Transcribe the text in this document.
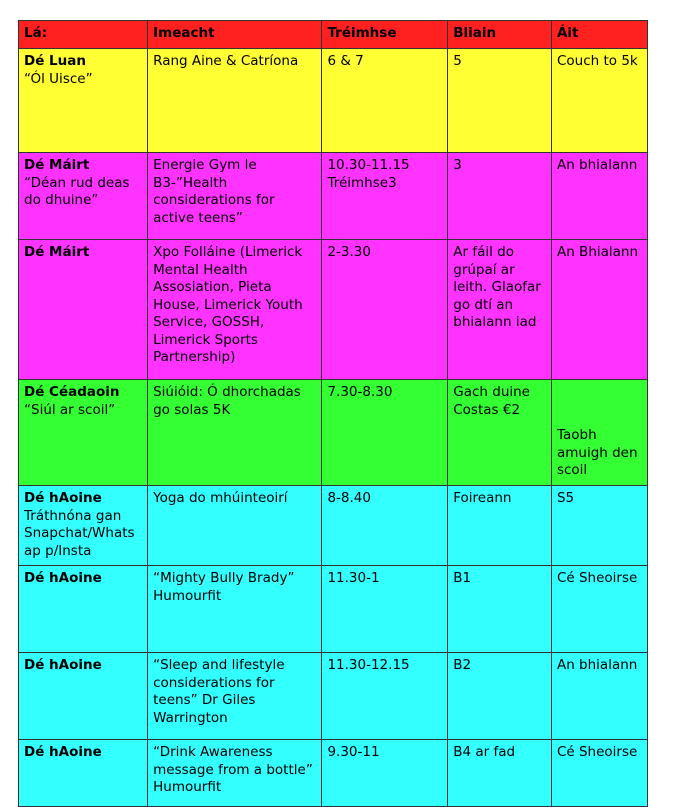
Lá:	Imeacht	Tréimhse	Bliain	Áit

Dé Luan
“Ól Uisce”	Rang Aine & Catríona	6 & 7	5	Couch to 5k

Dé Máirt
“Déan rud deas do dhuine”	Energie Gym le B3-”Health considerations for active teens”	10.30-11.15 Tréimhse3	3	An bhialann

Dé Máirt	Xpo Folláine (Limerick Mental Health Assosiation, Pieta House, Limerick Youth Service, GOSSH, Limerick Sports Partnership)	2-3.30	Ar fáil do grúpaí ar leith. Glaofar go dtí an bhialann iad	An Bhialann

Dé Céadaoin
“Siúl ar scoil”	Siúióid: Ó dhorchadas go solas 5K	7.30-8.30	Gach duine Costas €2	Taobh amuigh den scoil

Dé hAoine
Tráthnóna gan Snapchat/Whatsap p/Insta	Yoga do mhúinteoirí	8-8.40	Foireann	S5

Dé hAoine	“Mighty Bully Brady” Humourfit	11.30-1	B1	Cé Sheoirse

Dé hAoine	“Sleep and lifestyle considerations for teens” Dr Giles Warrington	11.30-12.15	B2	An bhialann

Dé hAoine	“Drink Awareness message from a bottle” Humourfit	9.30-11	B4 ar fad	Cé Sheoirse
